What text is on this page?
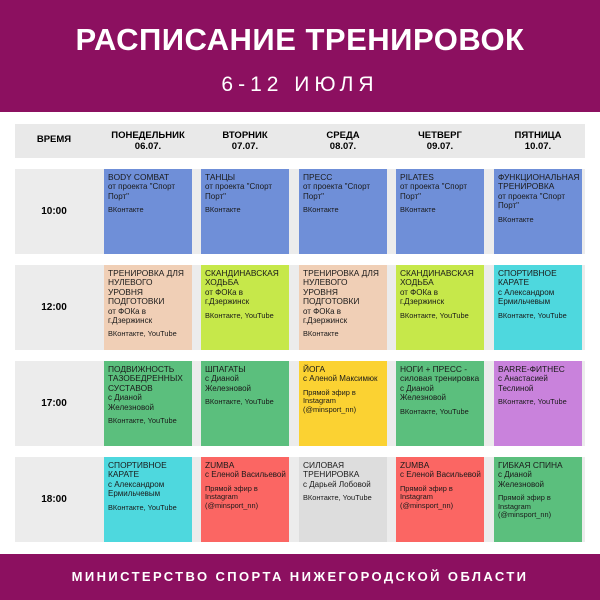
РАСПИСАНИЕ ТРЕНИРОВОК
6-12 ИЮЛЯ
ВРЕМЯ	ПОНЕДЕЛЬНИК
06.07.
ВТОРНИК
07.07.
СРЕДА
08.07.
ЧЕТВЕРГ
09.07.
ПЯТНИЦА
10.07.
10:00
BODY COMBAT
от проекта "Спорт Порт"
ВКонтакте
ТАНЦЫ
от проекта "Спорт Порт"
ВКонтакте
ПРЕСС
от проекта "Спорт Порт"
ВКонтакте
PILATES
от проекта "Спорт Порт"
ВКонтакте
ФУНКЦИОНАЛЬНАЯ ТРЕНИРОВКА
от проекта "Спорт Порт"
ВКонтакте
12:00
ТРЕНИРОВКА ДЛЯ НУЛЕВОГО УРОВНЯ ПОДГОТОВКИ
от ФОКа в г.Дзержинск
ВКонтакте, YouTube
СКАНДИНАВСКАЯ ХОДЬБА
от ФОКа в г.Дзержинск
ВКонтакте, YouTube
ТРЕНИРОВКА ДЛЯ НУЛЕВОГО УРОВНЯ ПОДГОТОВКИ
от ФОКа в г.Дзержинск
ВКонтакте
СКАНДИНАВСКАЯ ХОДЬБА
от ФОКа в г.Дзержинск
ВКонтакте, YouTube
СПОРТИВНОЕ КАРАТЕ
с Александром Ермильчевым
ВКонтакте, YouTube
17:00
ПОДВИЖНОСТЬ ТАЗОБЕДРЕННЫХ СУСТАВОВ
с Дианой Железновой
ВКонтакте, YouTube
ШПАГАТЫ
с Дианой Железновой
ВКонтакте, YouTube
ЙОГА
с Аленой Максимюк
Прямой эфир в Instagram (@minsport_nn)
НОГИ + ПРЕСС - силовая тренировка
с Дианой Железновой
ВКонтакте, YouTube
BARRE-ФИТНЕС
с Анастасией Теслиной
ВКонтакте, YouTube
18:00
СПОРТИВНОЕ КАРАТЕ
с Александром Ермильчевым
ВКонтакте, YouTube
ZUMBA
с Еленой Васильевой
Прямой эфир в Instagram (@minsport_nn)
СИЛОВАЯ ТРЕНИРОВКА
с Дарьей Лобовой
ВКонтакте, YouTube
ZUMBA
с Еленой Васильевой
Прямой эфир в Instagram (@minsport_nn)
ГИБКАЯ СПИНА
с Дианой Железновой
Прямой эфир в Instagram (@minsport_nn)
МИНИСТЕРСТВО СПОРТА НИЖЕГОРОДСКОЙ ОБЛАСТИ
